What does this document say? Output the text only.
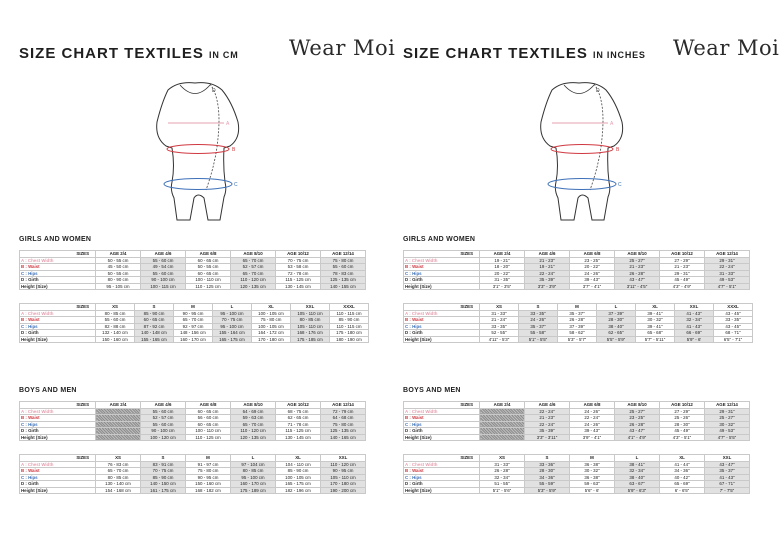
SIZE CHART TEXTILES IN CM Wear Moi
A
B
C
D
GIRLS AND WOMEN
SIZES	AGE 2/4	AGE 4/6	AGE 6/8	AGE 8/10	AGE 10/12	AGE 12/14
A : Chest Width	50 - 55 cm	55 - 60 cm	60 - 65 cm	65 - 70 cm	70 - 75 cm	75 - 80 cm
B : Waist	45 - 50 cm	49 - 54 cm	50 - 55 cm	52 - 57 cm	53 - 58 cm	55 - 60 cm
C : Hips	50 - 55 cm	55 - 60 cm	60 - 65 cm	65 - 70 cm	72 - 78 cm	78 - 83 cm
D : Girth	80 - 90 cm	90 - 100 cm	100 - 110 cm	110 - 120 cm	115 - 125 cm	125 - 135 cm
Height (Size)	95 - 105 cm	100 - 115 cm	110 - 125 cm	120 - 135 cm	130 - 145 cm	140 - 155 cm
SIZES	XS	S	M	L	XL	XXL	XXXL
A : Chest Width	80 - 85 cm	85 - 90 cm	90 - 95 cm	95 - 100 cm	100 - 105 cm	105 - 110 cm	110 - 115 cm
B : Waist	55 - 60 cm	60 - 65 cm	65 - 70 cm	70 - 75 cm	75 - 80 cm	80 - 85 cm	85 - 90 cm
C : Hips	82 - 88 cm	87 - 92 cm	92 - 97 cm	95 - 100 cm	100 - 105 cm	105 - 110 cm	110 - 115 cm
D : Girth	132 - 140 cm	140 - 148 cm	148 - 156 cm	155 - 164 cm	164 - 172 cm	168 - 176 cm	175 - 180 cm
Height (Size)	150 - 160 cm	155 - 165 cm	160 - 170 cm	165 - 175 cm	170 - 180 cm	175 - 185 cm	180 - 190 cm
BOYS AND MEN
SIZES	AGE 2/4	AGE 4/6	AGE 6/8	AGE 8/10	AGE 10/12	AGE 12/14
A : Chest Width		55 - 60 cm	60 - 65 cm	64 - 69 cm	68 - 75 cm	72 - 79 cm
B : Waist		52 - 57 cm	56 - 60 cm	59 - 63 cm	62 - 65 cm	64 - 68 cm
C : Hips		55 - 60 cm	60 - 65 cm	65 - 70 cm	71 - 78 cm	75 - 80 cm
D : Girth		90 - 100 cm	100 - 110 cm	110 - 120 cm	115 - 125 cm	125 - 135 cm
Height (Size)		100 - 120 cm	110 - 125 cm	120 - 135 cm	130 - 145 cm	140 - 165 cm
SIZES	XS	S	M	L	XL	XXL
A : Chest Width	76 - 83 cm	83 - 91 cm	91 - 97 cm	97 - 104 cm	104 - 110 cm	110 - 120 cm
B : Waist	65 - 70 cm	70 - 75 cm	75 - 80 cm	80 - 85 cm	85 - 90 cm	90 - 95 cm
C : Hips	80 - 85 cm	85 - 90 cm	90 - 95 cm	95 - 100 cm	100 - 105 cm	105 - 110 cm
D : Girth	130 - 140 cm	140 - 150 cm	150 - 160 cm	160 - 170 cm	165 - 175 cm	170 - 180 cm
Height (Size)	154 - 168 cm	161 - 175 cm	168 - 182 cm	175 - 189 cm	182 - 196 cm	190 - 200 cm
SIZE CHART TEXTILES IN INCHES Wear Moi
A
B
C
D
GIRLS AND WOMEN
SIZES	AGE 2/4	AGE 4/6	AGE 6/8	AGE 8/10	AGE 10/12	AGE 12/14
A : Chest Width	19 - 21"	21 - 23"	23 - 25"	25 - 27"	27 - 29"	29 - 31"
B : Waist	18 - 20"	19 - 21"	20 - 22"	21 - 23"	21 - 23"	22 - 24"
C : Hips	20 - 22"	22 - 24"	24 - 26"	26 - 28"	29 - 31"	31 - 33"
D : Girth	31 - 35"	35 - 39"	39 - 43"	43 - 47"	45 - 49"	49 - 53"
Height (Size)	3'1" - 3'5"	3'3" - 3'9"	3'7" - 4'1"	3'11" - 4'5"	4'3" - 4'9"	4'7" - 5'1"
SIZES	XS	S	M	L	XL	XXL	XXXL
A : Chest Width	31 - 33"	33 - 35"	35 - 37"	37 - 39"	39 - 41"	41 - 43"	43 - 45"
B : Waist	21 - 24"	24 - 26"	26 - 28"	28 - 30"	30 - 32"	32 - 34"	33 - 35"
C : Hips	33 - 35"	35 - 37"	37 - 39"	38 - 40"	39 - 41"	41 - 43"	43 - 45"
D : Girth	52 - 55"	55 - 58"	58 - 62"	62 - 65"	65 - 68"	66 - 69"	68 - 71"
Height (Size)	4'11" - 5'3"	5'1" - 5'5"	5'3" - 5'7"	5'5" - 5'9"	5'7" - 5'11"	5'9" - 6'	6'5" - 7'1"
BOYS AND MEN
SIZES	AGE 2/4	AGE 4/6	AGE 6/8	AGE 8/10	AGE 10/12	AGE 12/14
A : Chest Width		22 - 24"	24 - 26"	25 - 27"	27 - 29"	29 - 31"
B : Waist		21 - 23"	22 - 24"	23 - 25"	25 - 26"	25 - 27"
C : Hips		22 - 24"	24 - 26"	26 - 28"	28 - 30"	30 - 32"
D : Girth		35 - 39"	39 - 43"	43 - 47"	45 - 49"	49 - 53"
Height (Size)		3'3" - 3'11"	3'9" - 4'1"	4'1" - 4'9"	4'3" - 5'1"	4'7" - 5'5"
SIZES	XS	S	M	L	XL	XXL
A : Chest Width	31 - 33"	33 - 36"	36 - 38"	38 - 41"	41 - 44"	43 - 47"
B : Waist	26 - 28"	28 - 30"	30 - 32"	32 - 34"	34 - 36"	35 - 37"
C : Hips	32 - 34"	34 - 36"	36 - 38"	38 - 40"	40 - 42"	41 - 43"
D : Girth	51 - 55"	55 - 59"	59 - 63"	63 - 67"	65 - 69"	67 - 71"
Height (Size)	5'1" - 5'6"	5'3" - 5'9"	5'6" - 6'	5'9" - 6'3"	6' - 6'5"	7' - 7'5"
